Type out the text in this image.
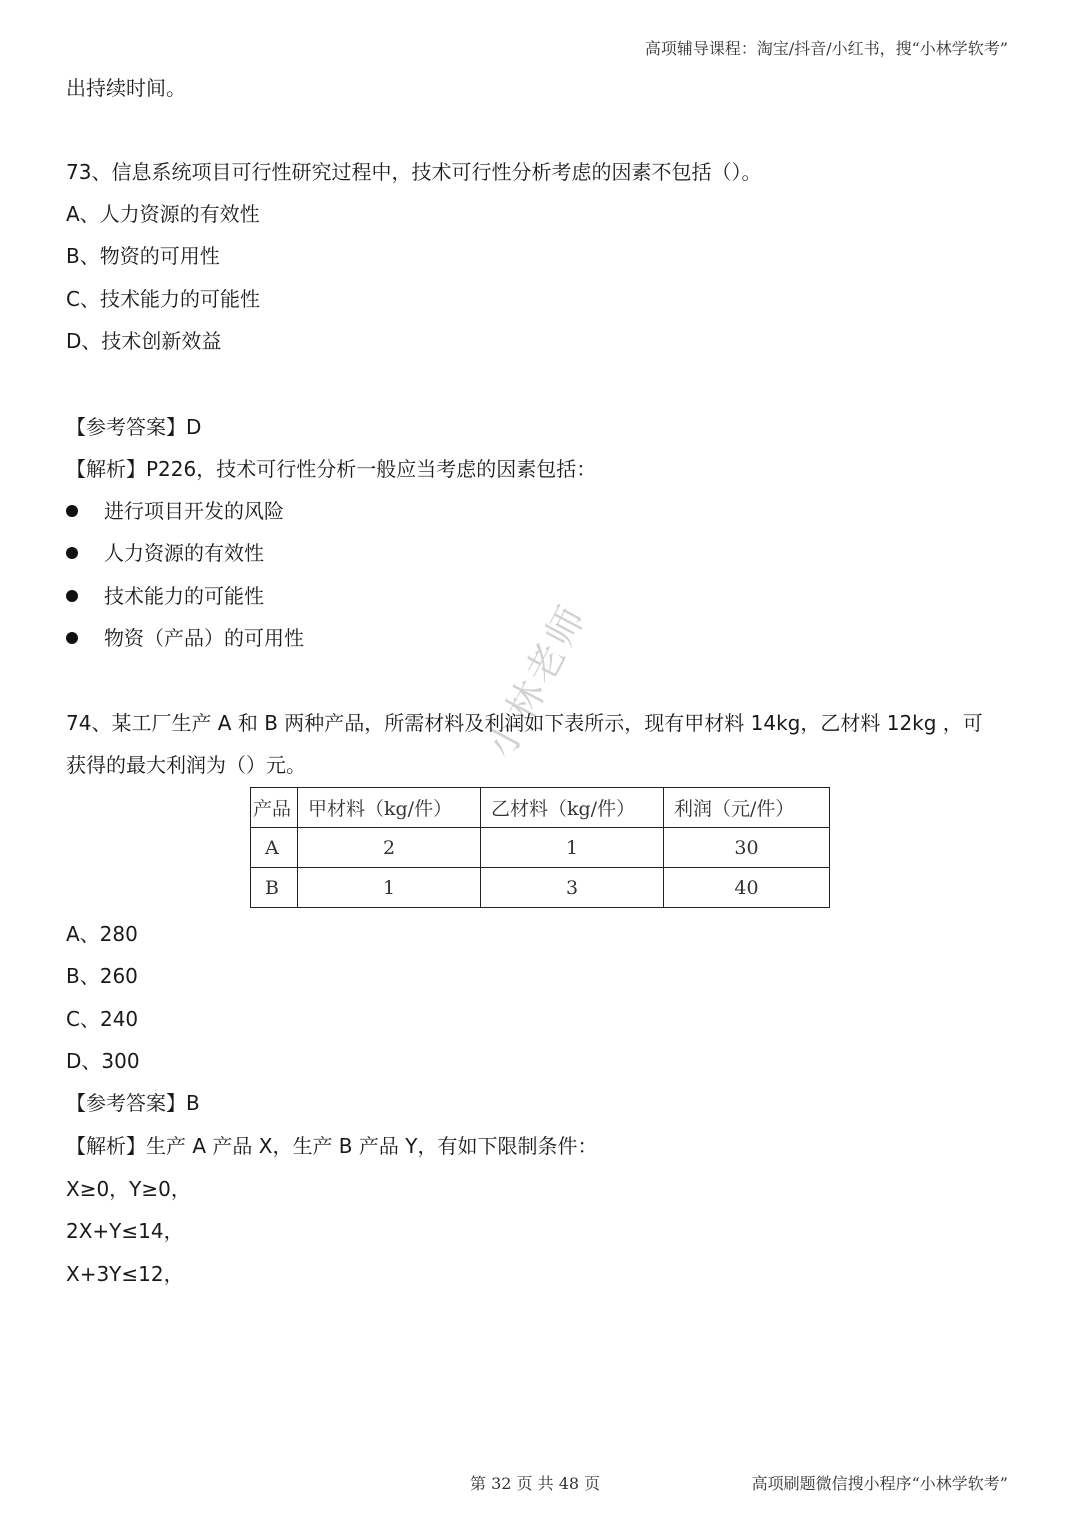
高项辅导课程：淘宝/抖音/小红书，搜“小林学软考”
出持续时间。
73、信息系统项目可行性研究过程中，技术可行性分析考虑的因素不包括（）。
A、人力资源的有效性
B、物资的可用性
C、技术能力的可能性
D、技术创新效益
【参考答案】D
【解析】P226，技术可行性分析一般应当考虑的因素包括：
进行项目开发的风险
人力资源的有效性
技术能力的可能性
物资（产品）的可用性
74、某工厂生产 A 和 B 两种产品，所需材料及利润如下表所示，现有甲材料 14kg，乙材料 12kg ，可
获得的最大利润为（）元。
产品	甲材料（kg/件）	乙材料（kg/件）	利润（元/件）
A	2	1	30
B	1	3	40
小林老师
A、280
B、260
C、240
D、300
【参考答案】B
【解析】生产 A 产品 X，生产 B 产品 Y，有如下限制条件：
X≥0，Y≥0，
2X+Y≤14，
X+3Y≤12，
第 32 页 共 48 页	高项刷题微信搜小程序“小林学软考”
